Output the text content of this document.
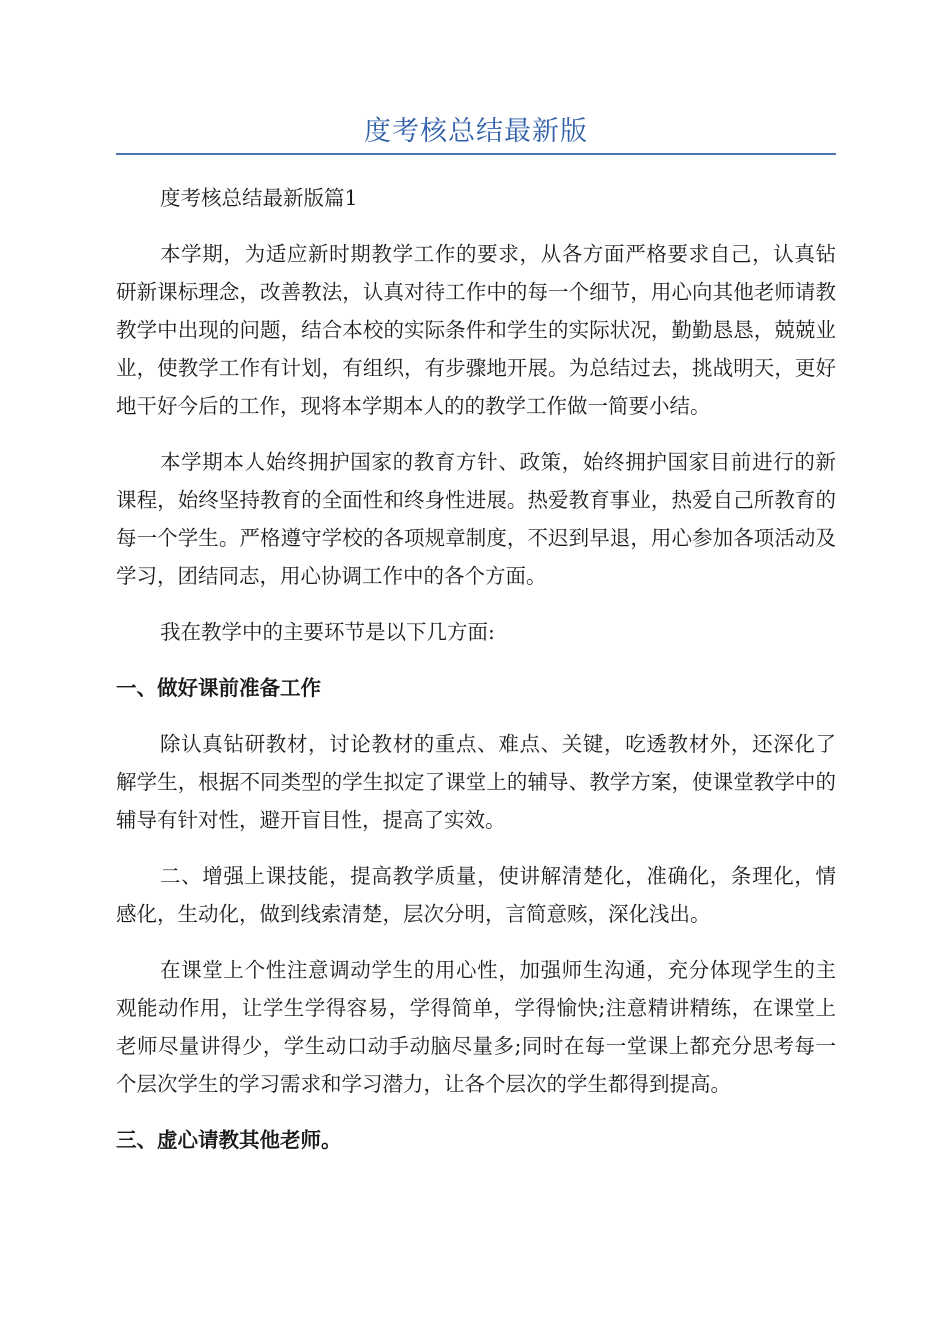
度考核总结最新版

度考核总结最新版篇1

本学期，为适应新时期教学工作的要求，从各方面严格要求自己，认真钻研新课标理念，改善教法，认真对待工作中的每一个细节，用心向其他老师请教教学中出现的问题，结合本校的实际条件和学生的实际状况，勤勤恳恳，兢兢业业，使教学工作有计划，有组织，有步骤地开展。为总结过去，挑战明天，更好地干好今后的工作，现将本学期本人的的教学工作做一简要小结。

本学期本人始终拥护国家的教育方针、政策，始终拥护国家目前进行的新课程，始终坚持教育的全面性和终身性进展。热爱教育事业，热爱自己所教育的每一个学生。严格遵守学校的各项规章制度，不迟到早退，用心参加各项活动及学习，团结同志，用心协调工作中的各个方面。

我在教学中的主要环节是以下几方面:

一、做好课前准备工作

除认真钻研教材，讨论教材的重点、难点、关键，吃透教材外，还深化了解学生，根据不同类型的学生拟定了课堂上的辅导、教学方案，使课堂教学中的辅导有针对性，避开盲目性，提高了实效。

二、增强上课技能，提高教学质量，使讲解清楚化，准确化，条理化，情感化，生动化，做到线索清楚，层次分明，言简意赅，深化浅出。

在课堂上个性注意调动学生的用心性，加强师生沟通，充分体现学生的主观能动作用，让学生学得容易，学得简单，学得愉快;注意精讲精练，在课堂上老师尽量讲得少，学生动口动手动脑尽量多;同时在每一堂课上都充分思考每一个层次学生的学习需求和学习潜力，让各个层次的学生都得到提高。

三、虚心请教其他老师。
